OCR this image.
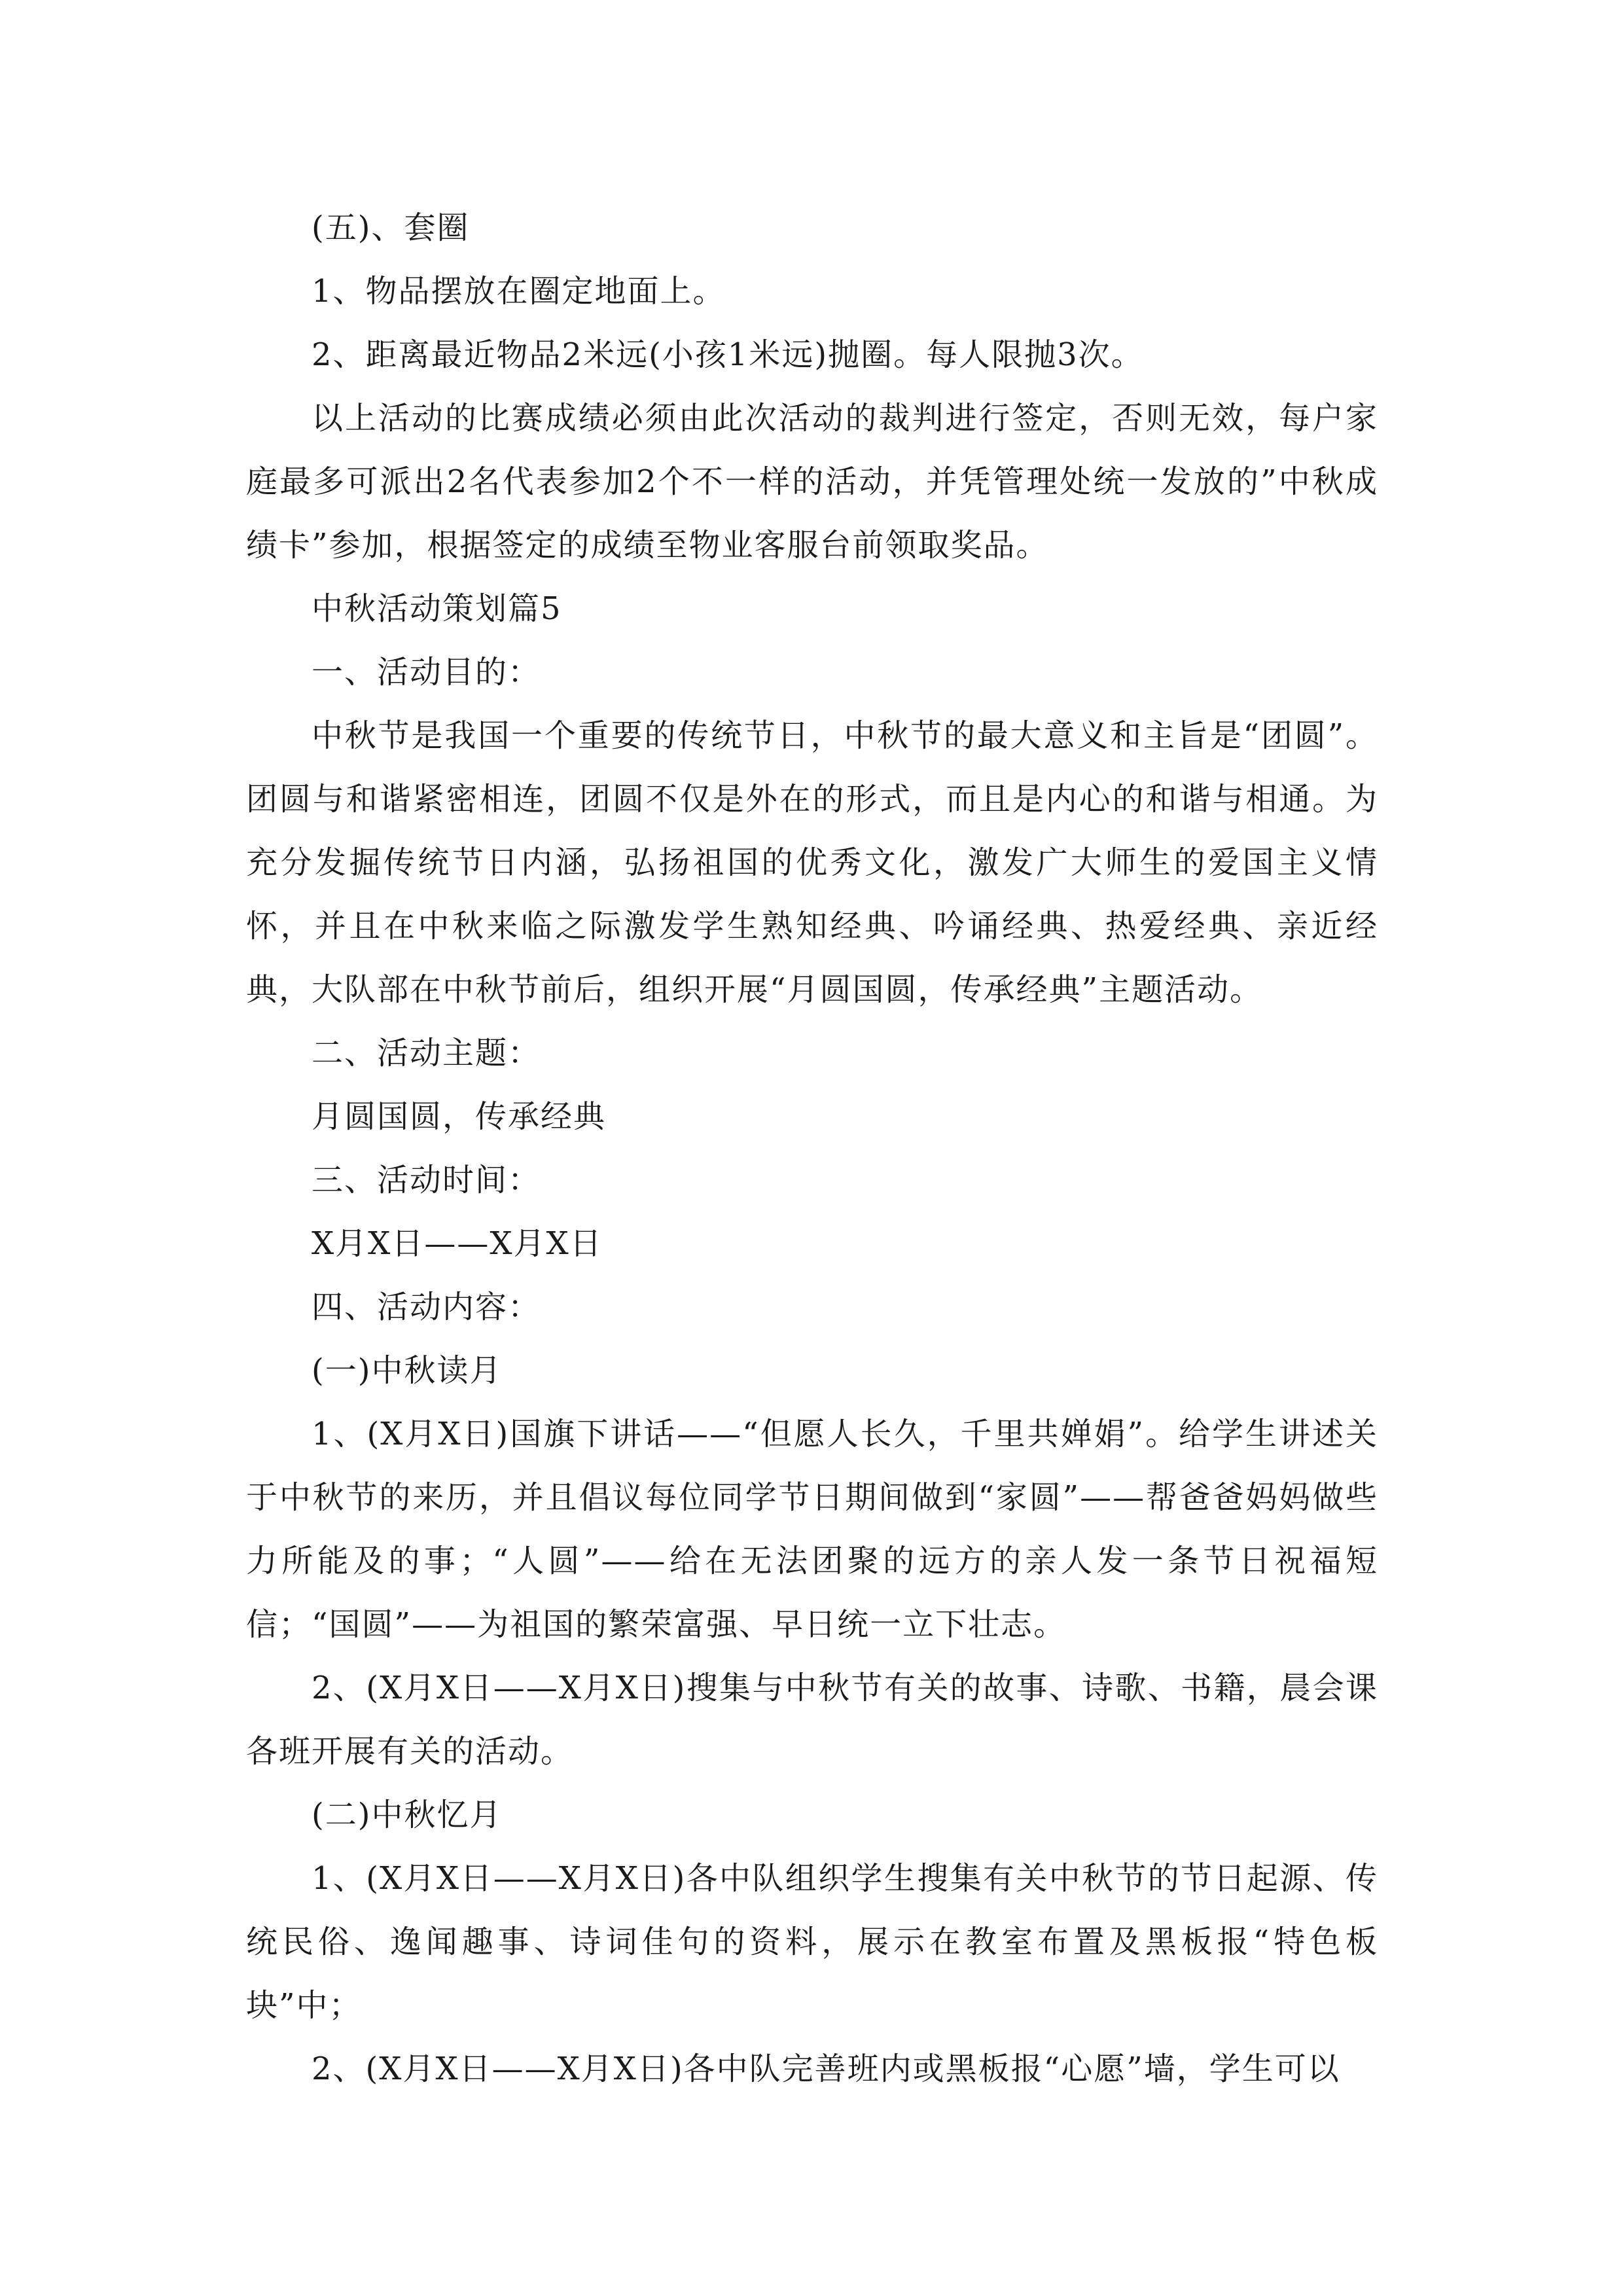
(五)、套圈

1、物品摆放在圈定地面上。

2、距离最近物品2米远(小孩1米远)抛圈。每人限抛3次。

以上活动的比赛成绩必须由此次活动的裁判进行签定，否则无效，每户家庭最多可派出2名代表参加2个不一样的活动，并凭管理处统一发放的”中秋成绩卡”参加，根据签定的成绩至物业客服台前领取奖品。

中秋活动策划篇5

一、活动目的：

中秋节是我国一个重要的传统节日，中秋节的最大意义和主旨是“团圆”。团圆与和谐紧密相连，团圆不仅是外在的形式，而且是内心的和谐与相通。为充分发掘传统节日内涵，弘扬祖国的优秀文化，激发广大师生的爱国主义情怀，并且在中秋来临之际激发学生熟知经典、吟诵经典、热爱经典、亲近经典，大队部在中秋节前后，组织开展“月圆国圆，传承经典”主题活动。

二、活动主题：

月圆国圆，传承经典

三、活动时间：

X月X日——X月X日

四、活动内容：

(一)中秋读月

1、(X月X日)国旗下讲话——“但愿人长久，千里共婵娟”。给学生讲述关于中秋节的来历，并且倡议每位同学节日期间做到“家圆”——帮爸爸妈妈做些力所能及的事；“人圆”——给在无法团聚的远方的亲人发一条节日祝福短信；“国圆”——为祖国的繁荣富强、早日统一立下壮志。

2、(X月X日——X月X日)搜集与中秋节有关的故事、诗歌、书籍，晨会课各班开展有关的活动。

(二)中秋忆月

1、(X月X日——X月X日)各中队组织学生搜集有关中秋节的节日起源、传统民俗、逸闻趣事、诗词佳句的资料，展示在教室布置及黑板报“特色板块”中；

2、(X月X日——X月X日)各中队完善班内或黑板报“心愿”墙，学生可以
